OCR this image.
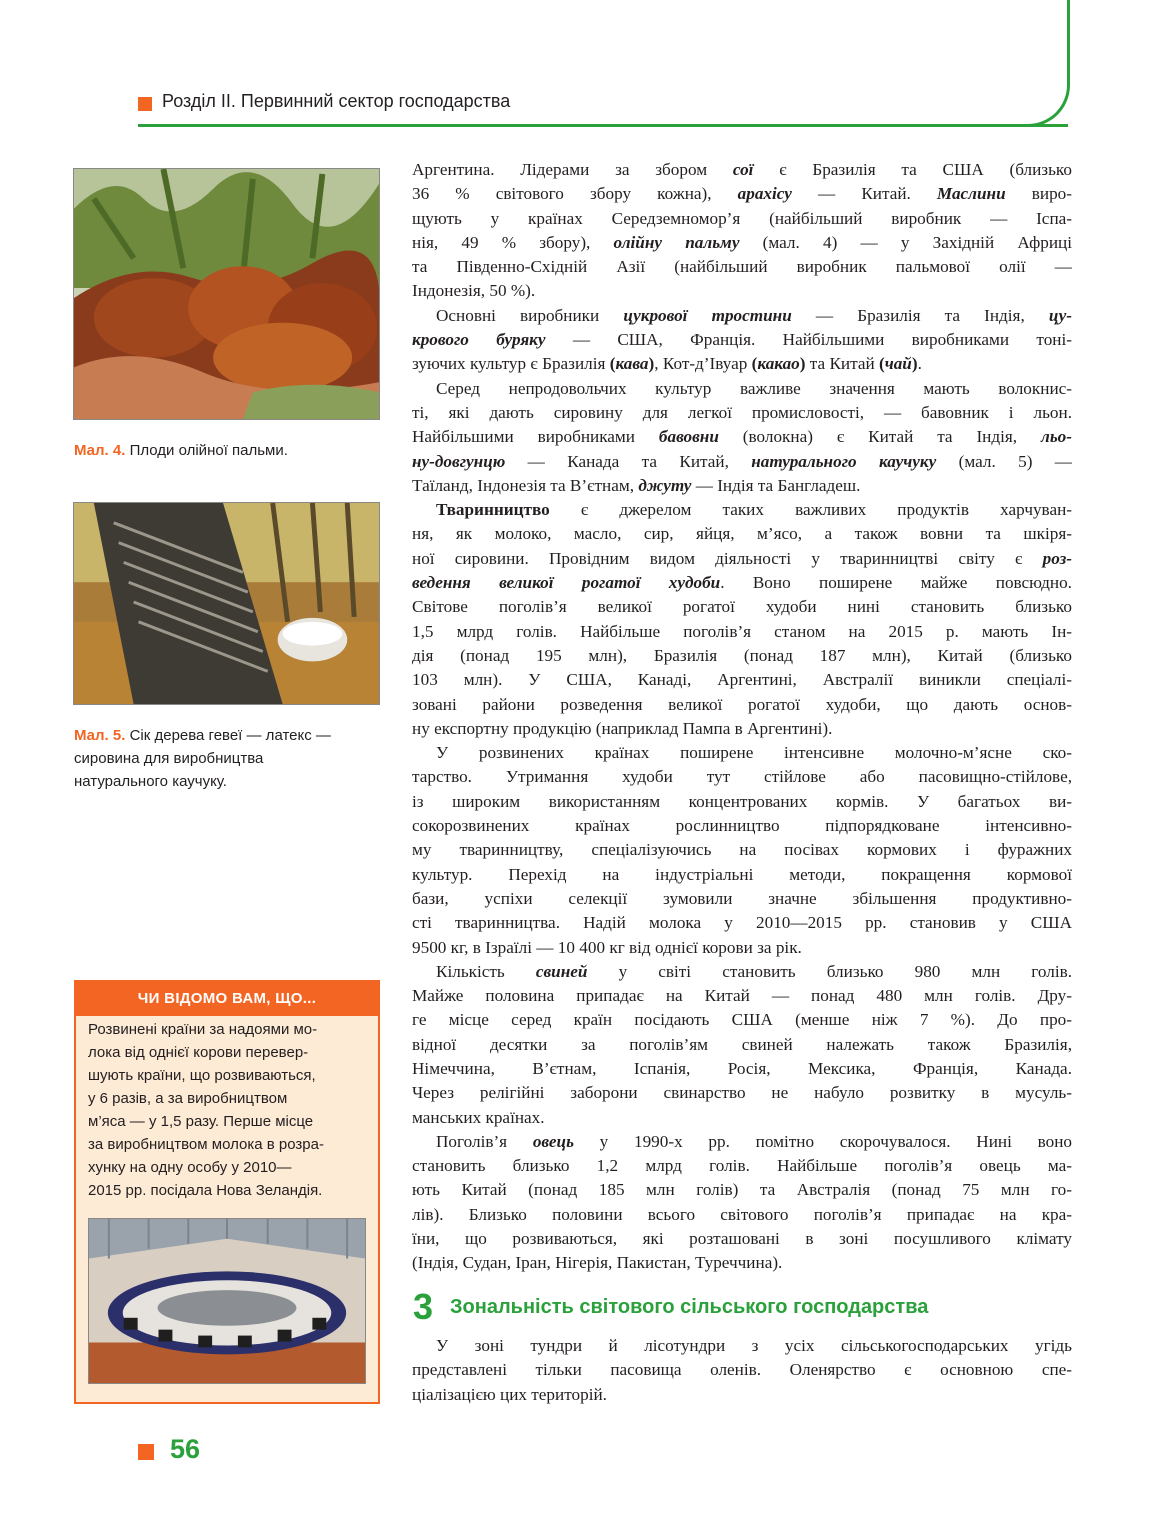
Розділ II. Первинний сектор господарства
Мал. 4. Плоди олійної пальми.
Мал. 5. Сік дерева гевеї — латекс —
сировина для виробництва
натурального каучуку.
ЧИ ВІДОМО ВАМ, ЩО...
Розвинені країни за надоями мо-
лока від однієї корови перевер-
шують країни, що розвиваються,
у 6 разів, а за виробництвом
м’яса — у 1,5 разу. Перше місце
за виробництвом молока в розра-
хунку на одну особу у 2010—
2015 рр. посідала Нова Зеландія.
Аргентина. Лідерами за збором сої є Бразилія та США (близько
36 % світового збору кожна), арахісу — Китай. Маслини виро-
щують у країнах Середземномор’я (найбільший виробник — Іспа-
нія, 49 % збору), олійну пальму (мал. 4) — у Західній Африці
та Південно-Східній Азії (найбільший виробник пальмової олії —
Індонезія, 50 %).
Основні виробники цукрової тростини — Бразилія та Індія, цу-
крового буряку — США, Франція. Найбільшими виробниками тоні-
зуючих культур є Бразилія (кава), Кот-д’Івуар (какао) та Китай (чай).
Серед непродовольчих культур важливе значення мають волокнис-
ті, які дають сировину для легкої промисловості, — бавовник і льон.
Найбільшими виробниками бавовни (волокна) є Китай та Індія, льо-
ну-довгунцю — Канада та Китай, натурального каучуку (мал. 5) —
Таїланд, Індонезія та В’єтнам, джуту — Індія та Бангладеш.
Тваринництво є джерелом таких важливих продуктів харчуван-
ня, як молоко, масло, сир, яйця, м’ясо, а також вовни та шкіря-
ної сировини. Провідним видом діяльності у тваринництві світу є роз-
ведення великої рогатої худоби. Воно поширене майже повсюдно.
Світове поголів’я великої рогатої худоби нині становить близько
1,5 млрд голів. Найбільше поголів’я станом на 2015 р. мають Ін-
дія (понад 195 млн), Бразилія (понад 187 млн), Китай (близько
103 млн). У США, Канаді, Аргентині, Австралії виникли спеціалі-
зовані райони розведення великої рогатої худоби, що дають основ-
ну експортну продукцію (наприклад Пампа в Аргентині).
У розвинених країнах поширене інтенсивне молочно-м’ясне ско-
тарство. Утримання худоби тут стійлове або пасовищно-стійлове,
із широким використанням концентрованих кормів. У багатьох ви-
сокорозвинених країнах рослинництво підпорядковане інтенсивно-
му тваринництву, спеціалізуючись на посівах кормових і фуражних
культур. Перехід на індустріальні методи, покращення кормової
бази, успіхи селекції зумовили значне збільшення продуктивно-
сті тваринництва. Надій молока у 2010—2015 рр. становив у США
9500 кг, в Ізраїлі — 10 400 кг від однієї корови за рік.
Кількість свиней у світі становить близько 980 млн голів.
Майже половина припадає на Китай — понад 480 млн голів. Дру-
ге місце серед країн посідають США (менше ніж 7 %). До про-
відної десятки за поголів’ям свиней належать також Бразилія,
Німеччина, В’єтнам, Іспанія, Росія, Мексика, Франція, Канада.
Через релігійні заборони свинарство не набуло розвитку в мусуль-
манських країнах.
Поголів’я овець у 1990-х рр. помітно скорочувалося. Нині воно
становить близько 1,2 млрд голів. Найбільше поголів’я овець ма-
ють Китай (понад 185 млн голів) та Австралія (понад 75 млн го-
лів). Близько половини всього світового поголів’я припадає на кра-
їни, що розвиваються, які розташовані в зоні посушливого клімату
(Індія, Судан, Іран, Нігерія, Пакистан, Туреччина).
3 Зональність світового сільського господарства
У зоні тундри й лісотундри з усіх сільськогосподарських угідь
представлені тільки пасовища оленів. Оленярство є основною спе-
ціалізацією цих територій.
56
